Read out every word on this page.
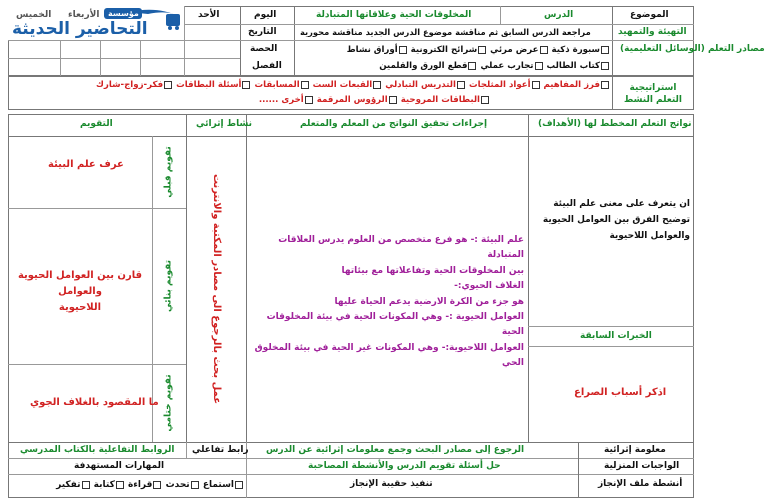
مؤسسة
التحاضير الحديثة
اليوم
الأحد
الخميس الأربعاء
التاريخ
الحصة
الفصل
الموضوع
الدرس
المخلوقات الحية وعلاقاتها المتبادلة
التهيئة والتمهيد
مراجعة الدرس السابق ثم مناقشة موضوع الدرس الجديد مناقشة محورية
مصادر التعلم (الوسائل التعليمية)
سبورة ذكية عرض مرئي شرائح الكترونية أوراق نشاط
كتاب الطالب تجارب عملي قطع الورق والقلمين
استراتيجية التعلم النشط
فرز المفاهيم أعواد المثلجات التدريس التبادلي القبعات الست المسابقات أسئلة البطاقات فكر-زواج-شارك
البطاقات المروحية الرؤوس المرقمة أخرى ......
نواتج التعلم المخطط لها (الأهداف)
إجراءات تحقيق النواتج من المعلم والمتعلم
نشاط إثرائي
التقويم
ان يتعرف على معنى علم البيئة
توضيح الفرق بين العوامل الحيوية
والعوامل اللاحيوية
الخبرات السابقة
اذكر أسباب الصراع
علم البيئة :- هو فرع متخصص من العلوم يدرس العلاقات المتبادلة
بين المخلوقات الحية وتفاعلاتها مع بيئاتها
الغلاف الحيوي:-
هو جزء من الكرة الارضية يدعم الحياة عليها
العوامل الحيوية :- وهي المكونات الحية في بيئة المخلوقات الحية
العوامل اللاحيوية:- وهي المكونات غير الحية في بيئة المخلوق
الحي
عمل بحث بالرجوع الى مصادر المكتبة والانترنت
تقويم قبلي
تقويم بنائي
تقويم ختامي
عرف علم البيئة
قارن بين العوامل الحيوية والعوامل
اللاحيوية
ما المقصود بالغلاف الجوي
معلومة إثرائية
الرجوع إلى مصادر البحث وجمع معلومات إثرائية عن الدرس
رابط تفاعلي
الروابط التفاعلية بالكتاب المدرسي
الواجبات المنزلية
حل أسئلة تقويم الدرس والأنشطة المصاحبة
المهارات المستهدفة
أنشطة ملف الإنجاز
تنفيذ حقيبة الإنجاز
استماع تحدث قراءة كتابة تفكير
